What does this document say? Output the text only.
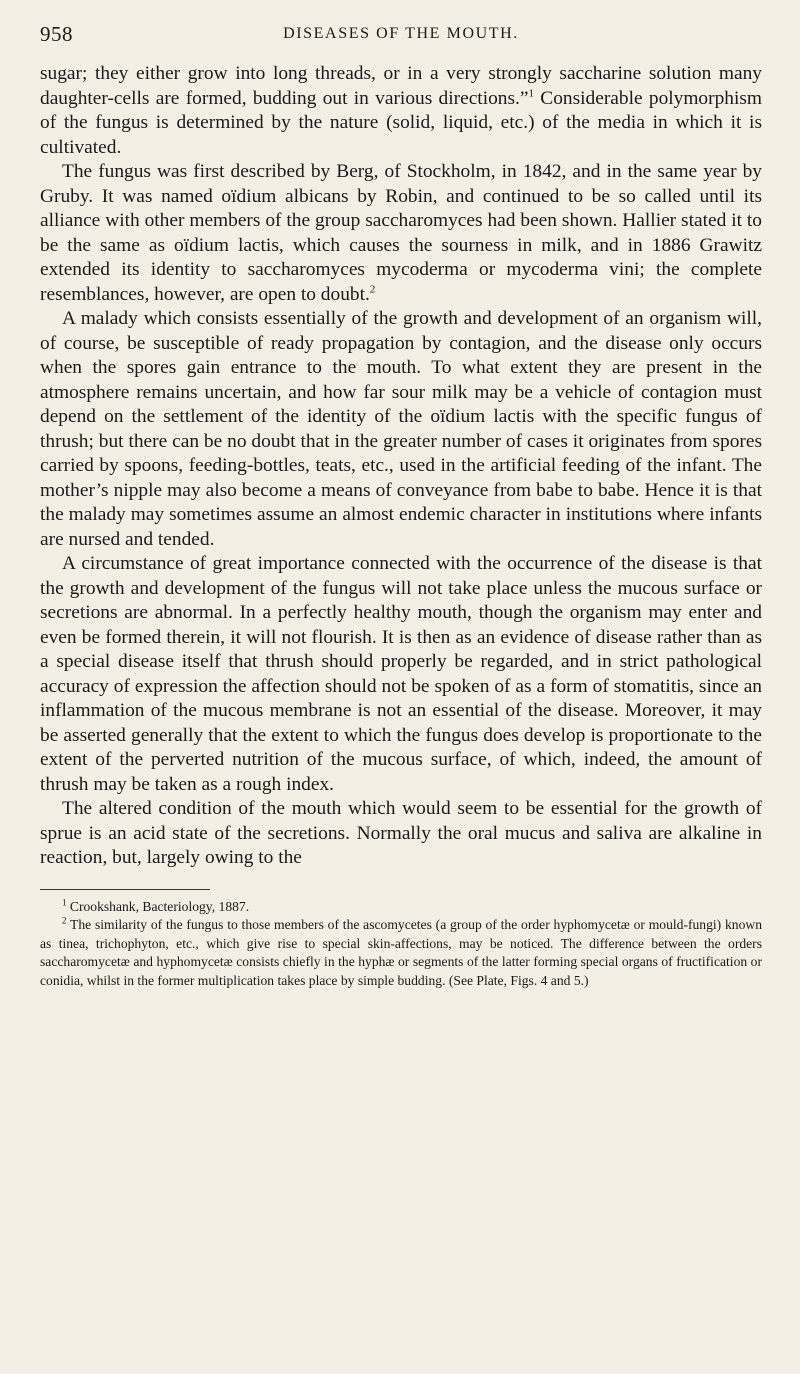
958	DISEASES OF THE MOUTH.

sugar; they either grow into long threads, or in a very strongly saccharine solution many daughter-cells are formed, budding out in various directions.”$^1$ Considerable polymorphism of the fungus is determined by the nature (solid, liquid, etc.) of the media in which it is cultivated.

The fungus was first described by Berg, of Stockholm, in 1842, and in the same year by Gruby. It was named oïdium albicans by Robin, and continued to be so called until its alliance with other members of the group saccharomyces had been shown. Hallier stated it to be the same as oïdium lactis, which causes the sourness in milk, and in 1886 Grawitz extended its identity to saccharomyces mycoderma or mycoderma vini; the complete resemblances, however, are open to doubt.$^2$

A malady which consists essentially of the growth and development of an organism will, of course, be susceptible of ready propagation by contagion, and the disease only occurs when the spores gain entrance to the mouth. To what extent they are present in the atmosphere remains uncertain, and how far sour milk may be a vehicle of contagion must depend on the settlement of the identity of the oïdium lactis with the specific fungus of thrush; but there can be no doubt that in the greater number of cases it originates from spores carried by spoons, feeding-bottles, teats, etc., used in the artificial feeding of the infant. The mother’s nipple may also become a means of conveyance from babe to babe. Hence it is that the malady may sometimes assume an almost endemic character in institutions where infants are nursed and tended.

A circumstance of great importance connected with the occurrence of the disease is that the growth and development of the fungus will not take place unless the mucous surface or secretions are abnormal. In a perfectly healthy mouth, though the organism may enter and even be formed therein, it will not flourish. It is then as an evidence of disease rather than as a special disease itself that thrush should properly be regarded, and in strict pathological accuracy of expression the affection should not be spoken of as a form of stomatitis, since an inflammation of the mucous membrane is not an essential of the disease. Moreover, it may be asserted generally that the extent to which the fungus does develop is proportionate to the extent of the perverted nutrition of the mucous surface, of which, indeed, the amount of thrush may be taken as a rough index.

The altered condition of the mouth which would seem to be essential for the growth of sprue is an acid state of the secretions. Normally the oral mucus and saliva are alkaline in reaction, but, largely owing to the

$^1$ Crookshank, Bacteriology, 1887.

$^2$ The similarity of the fungus to those members of the ascomycetes (a group of the order hyphomycetæ or mould-fungi) known as tinea, trichophyton, etc., which give rise to special skin-affections, may be noticed. The difference between the orders saccharomycetæ and hyphomycetæ consists chiefly in the hyphæ or segments of the latter forming special organs of fructification or conidia, whilst in the former multiplication takes place by simple budding. (See Plate, Figs. 4 and 5.)
